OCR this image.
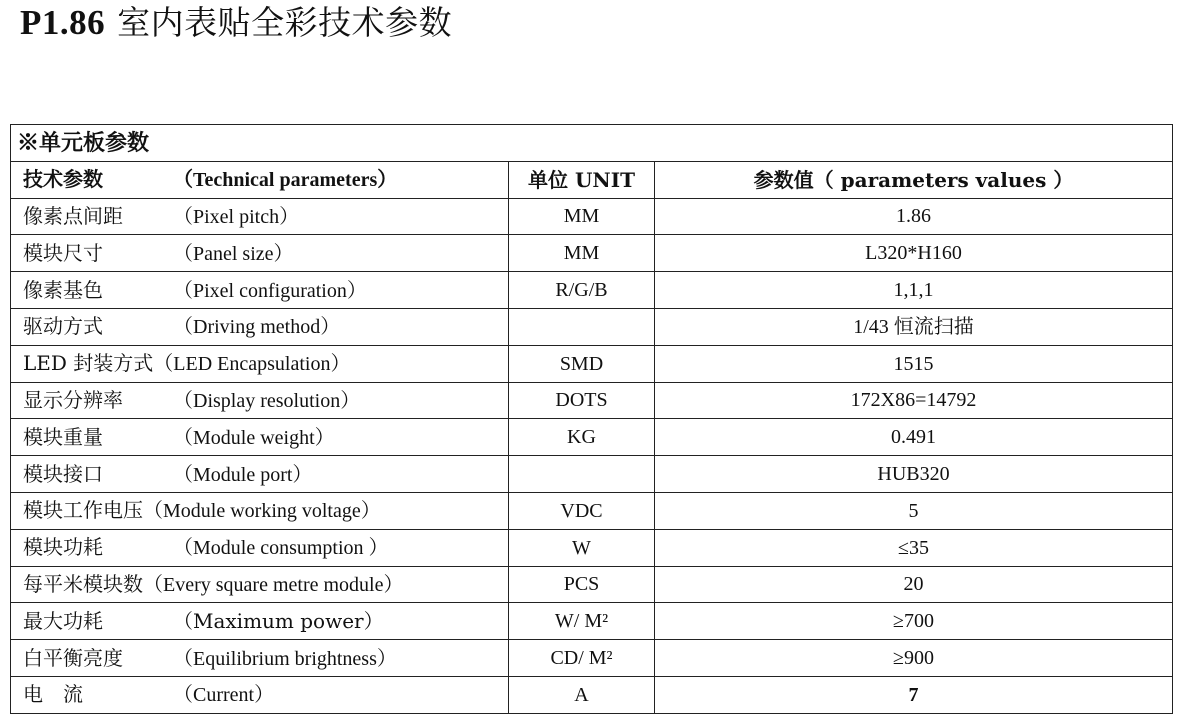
P1.86 室内表贴全彩技术参数
※单元板参数		
技术参数 （Technical parameters）	单位 UNIT	参数值（ parameters values ）
像素点间距 （Pixel pitch）	MM	1.86
模块尺寸 （Panel size）	MM	L320*H160
像素基色 （Pixel configuration）	R/G/B	1,1,1
驱动方式 （Driving method）		1/43 恒流扫描
LED 封装方式（LED Encapsulation）	SMD	1515
显示分辨率 （Display resolution）	DOTS	172X86=14792
模块重量 （Module weight）	KG	0.491
模块接口 （Module port）		HUB320
模块工作电压（Module working voltage）	VDC	5
模块功耗 （Module consumption ）	W	≤35
每平米模块数（Every square metre module）	PCS	20
最大功耗 （Maximum power）	W/ M²	≥700
白平衡亮度 （Equilibrium brightness）	CD/ M²	≥900
电　流 （Current）	A	7
